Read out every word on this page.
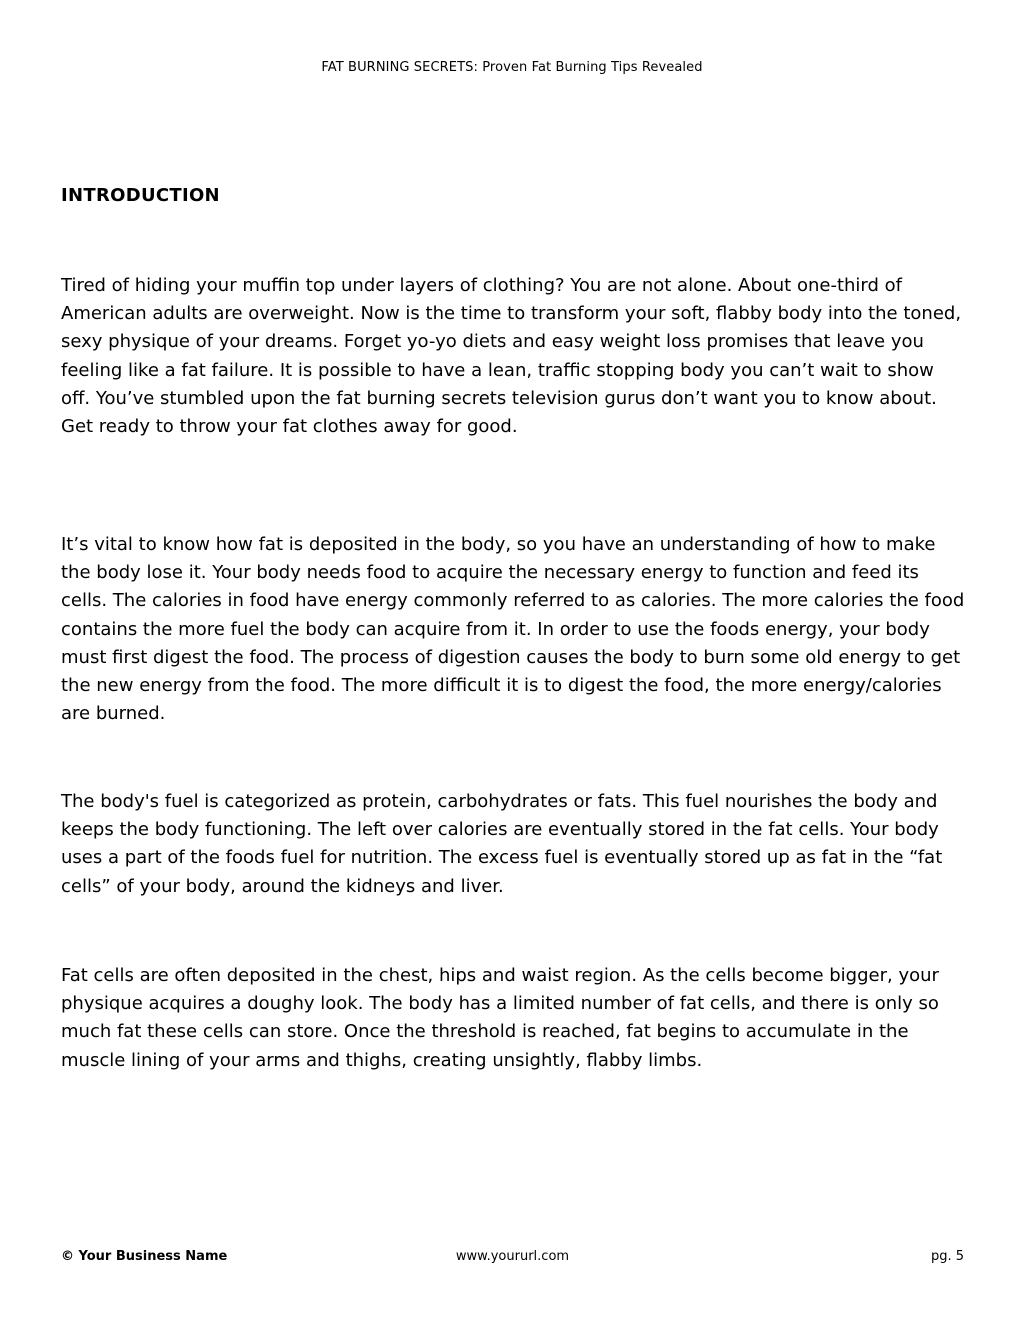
FAT BURNING SECRETS: Proven Fat Burning Tips Revealed
INTRODUCTION

Tired of hiding your muffin top under layers of clothing? You are not alone. About one-third of American adults are overweight. Now is the time to transform your soft, flabby body into the toned, sexy physique of your dreams. Forget yo-yo diets and easy weight loss promises that leave you feeling like a fat failure. It is possible to have a lean, traffic stopping body you can’t wait to show off. You’ve stumbled upon the fat burning secrets television gurus don’t want you to know about. Get ready to throw your fat clothes away for good.

It’s vital to know how fat is deposited in the body, so you have an understanding of how to make the body lose it. Your body needs food to acquire the necessary energy to function and feed its cells. The calories in food have energy commonly referred to as calories. The more calories the food contains the more fuel the body can acquire from it. In order to use the foods energy, your body must first digest the food. The process of digestion causes the body to burn some old energy to get the new energy from the food. The more difficult it is to digest the food, the more energy/calories are burned.

The body's fuel is categorized as protein, carbohydrates or fats. This fuel nourishes the body and keeps the body functioning. The left over calories are eventually stored in the fat cells. Your body uses a part of the foods fuel for nutrition. The excess fuel is eventually stored up as fat in the “fat cells” of your body, around the kidneys and liver.

Fat cells are often deposited in the chest, hips and waist region. As the cells become bigger, your physique acquires a doughy look. The body has a limited number of fat cells, and there is only so much fat these cells can store. Once the threshold is reached, fat begins to accumulate in the muscle lining of your arms and thighs, creating unsightly, flabby limbs.

© Your Business Name	www.yoururl.com	pg. 5
